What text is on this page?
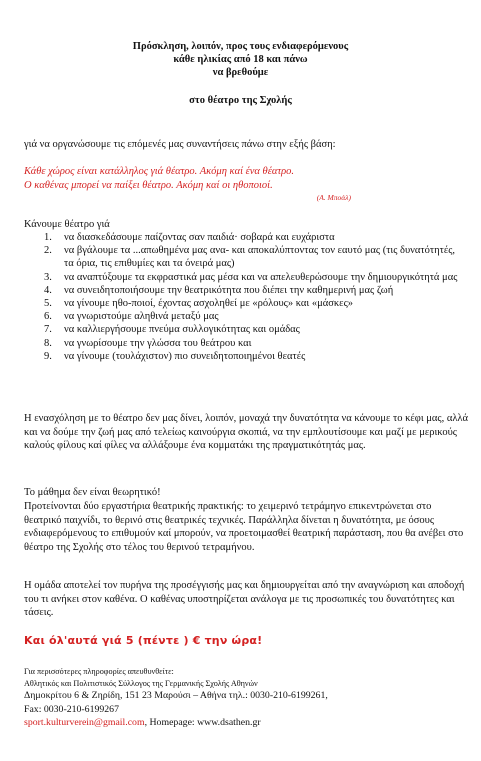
Πρόσκληση, λοιπόν, προς τους ενδιαφερόμενους
κάθε ηλικίας από 18 και πάνω
να βρεθούμε
στο θέατρο της Σχολής
γιά να οργανώσουμε τις επόμενές μας συναντήσεις πάνω στην εξής βάση:
Κάθε χώρος είναι κατάλληλος γιά θέατρο. Ακόμη καί ένα θέατρο.
Ο καθένας μπορεί να παίξει θέατρο. Ακόμη καί οι ηθοποιοί.
(Α. Μποάλ)
Κάνουμε θέατρο γιά
1. να διασκεδάσουμε παίζοντας σαν παιδιά· σοβαρά και ευχάριστα
2. να βγάλουμε τα ...απωθημένα μας ανα- και αποκαλύπτοντας τον εαυτό μας (τις δυνατότητές, τα όρια, τις επιθυμίες και τα όνειρά μας)
3. να αναπτύξουμε τα εκφραστικά μας μέσα και να απελευθερώσουμε την δημιουργικότητά μας
4. να συνειδητοποιήσουμε την θεατρικότητα που διέπει την καθημερινή μας ζωή
5. να γίνουμε ηθο-ποιοί, έχοντας ασχοληθεί με «ρόλους» και «μάσκες»
6. να γνωριστούμε αληθινά μεταξύ μας
7. να καλλιεργήσουμε πνεύμα συλλογικότητας και ομάδας
8. να γνωρίσουμε την γλώσσα του θεάτρου και
9. να γίνουμε (τουλάχιστον) πιο συνειδητοποιημένοι θεατές
Η ενασχόληση με το θέατρο δεν μας δίνει, λοιπόν, μοναχά την δυνατότητα να κάνουμε το κέφι μας, αλλά και να δούμε την ζωή μας από τελείως καινούργια σκοπιά, να την εμπλουτίσουμε και μαζί με μερικούς καλούς φίλους καί φίλες να αλλάξουμε ένα κομματάκι της πραγματικότητάς μας.
Το μάθημα δεν είναι θεωρητικό!
Προτείνονται δύο εργαστήρια θεατρικής πρακτικής: το χειμερινό τετράμηνο επικεντρώνεται στο θεατρικό παιχνίδι, το θερινό στις θεατρικές τεχνικές. Παράλληλα δίνεται η δυνατότητα, με όσους ενδιαφερόμενους το επιθυμούν καί μπορούν, να προετοιμασθεί θεατρική παράσταση, που θα ανέβει στο θέατρο της Σχολής στο τέλος του θερινού τετραμήνου.
Η ομάδα αποτελεί τον πυρήνα της προσέγγισής μας και δημιουργείται από την αναγνώριση και αποδοχή του τι ανήκει στον καθένα. Ο καθένας υποστηρίζεται ανάλογα με τις προσωπικές του δυνατότητες και τάσεις.
Και όλ'αυτά γιά 5 (πέντε ) € την ώρα!
Για περισσότερες πληροφορίες απευθυνθείτε:
Αθλητικός και Πολιτιστικός Σύλλογος της Γερμανικής Σχολής Αθηνών
Δημοκρίτου 6 & Ζηρίδη, 151 23 Μαρούσι – Αθήνα τηλ.: 0030-210-6199261,
Fax: 0030-210-6199267
sport.kulturverein@gmail.com, Homepage: www.dsathen.gr
